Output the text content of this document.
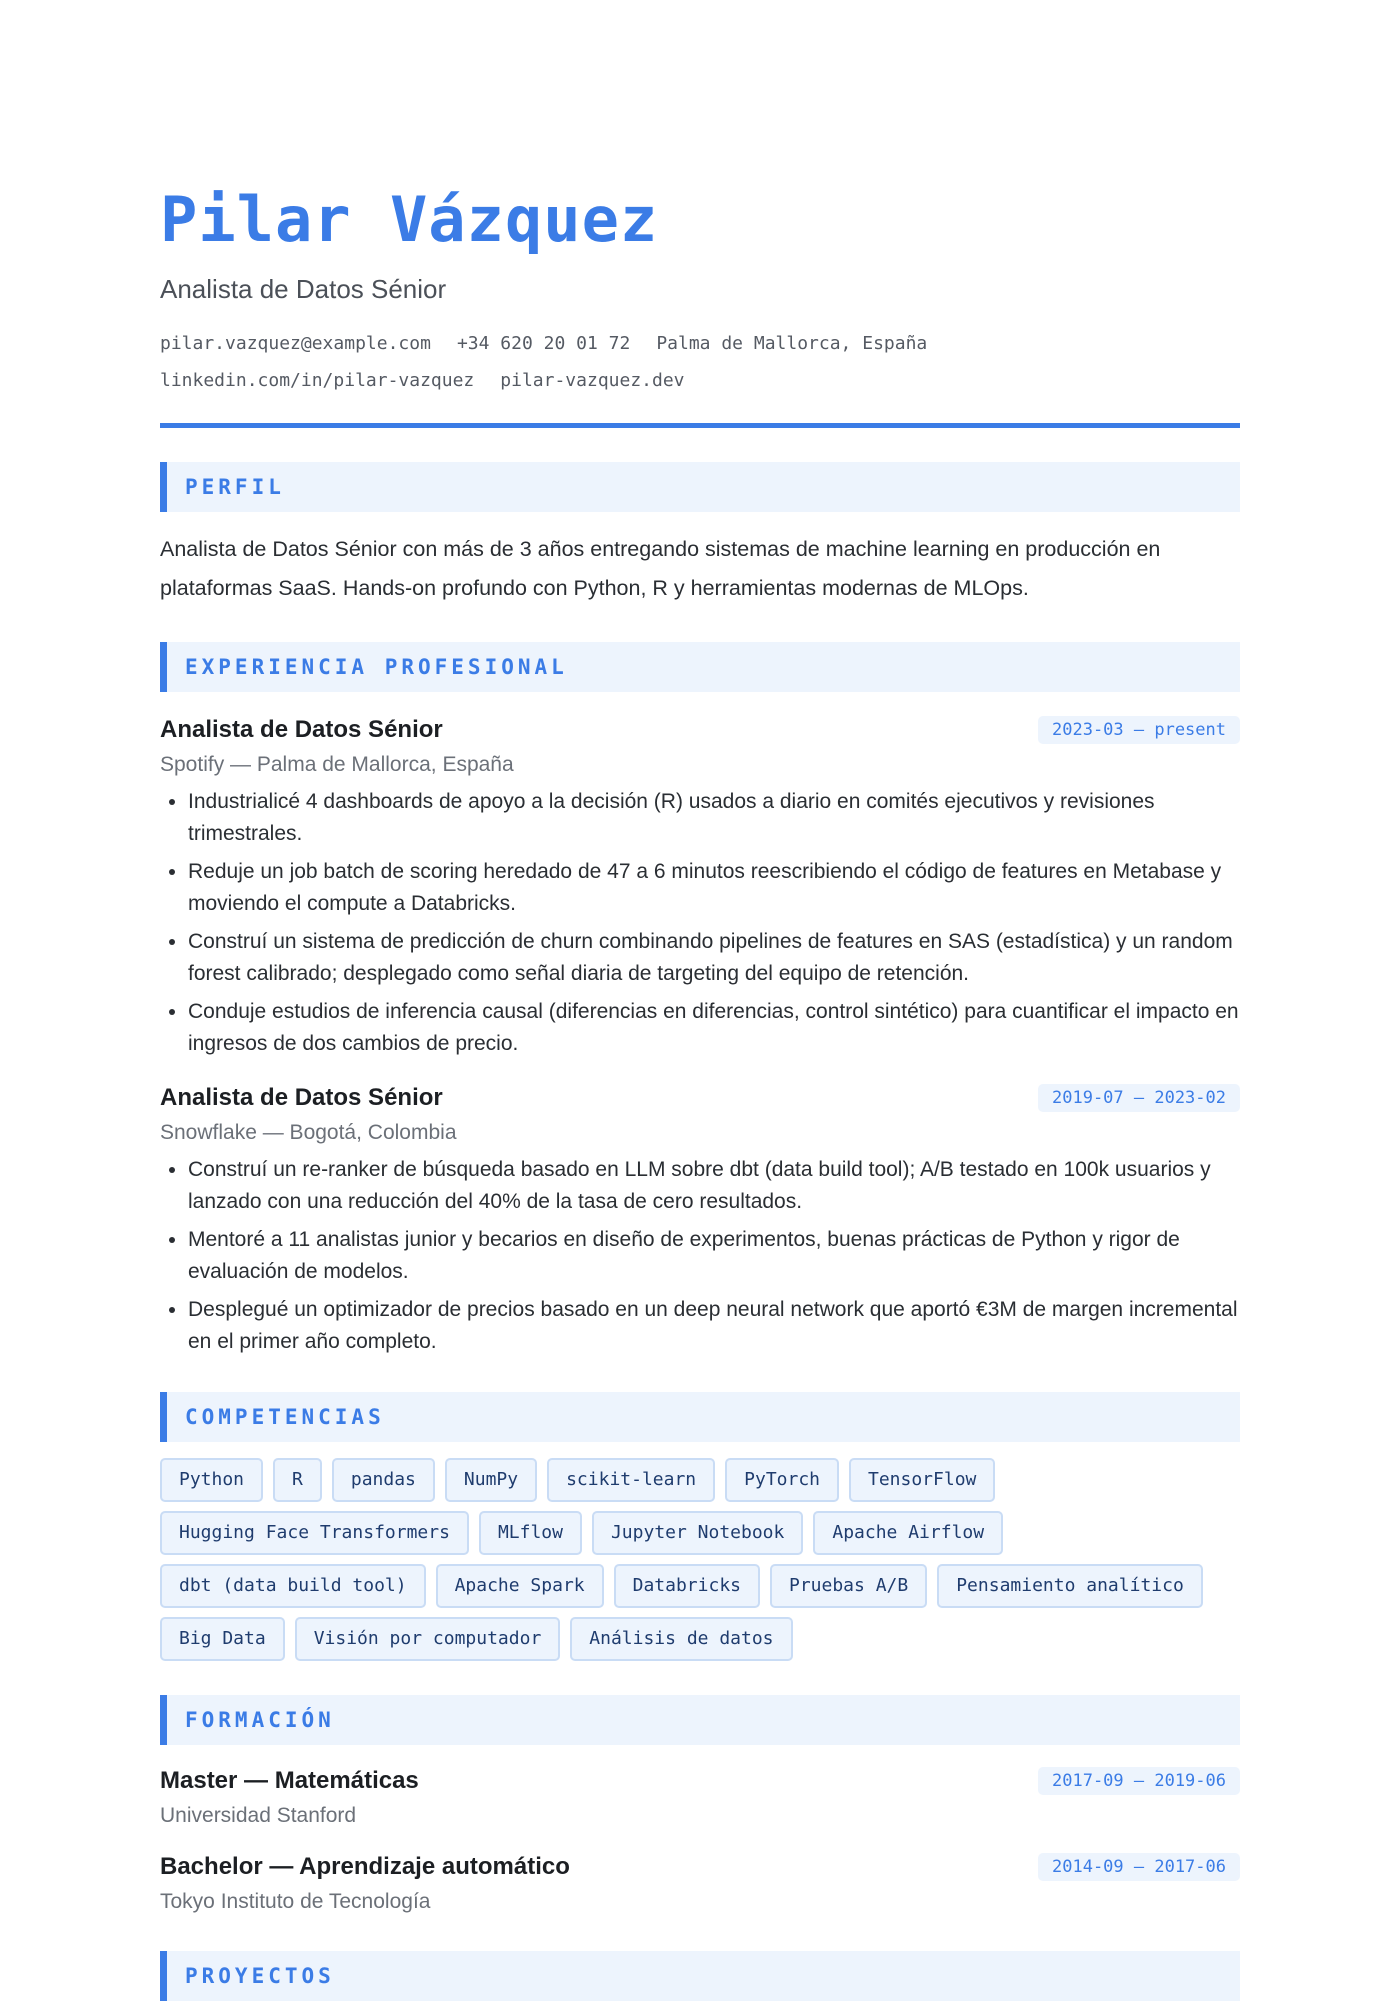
Pilar Vázquez
Analista de Datos Sénior
pilar.vazquez@example.com +34 620 20 01 72 Palma de Mallorca, España
linkedin.com/in/pilar-vazquez pilar-vazquez.dev
PERFIL
Analista de Datos Sénior con más de 3 años entregando sistemas de machine learning en producción en plataformas SaaS. Hands-on profundo con Python, R y herramientas modernas de MLOps.
EXPERIENCIA PROFESIONAL
Analista de Datos Sénior	2023-03 – present
Spotify — Palma de Mallorca, España
• Industrialicé 4 dashboards de apoyo a la decisión (R) usados a diario en comités ejecutivos y revisiones trimestrales.
• Reduje un job batch de scoring heredado de 47 a 6 minutos reescribiendo el código de features en Metabase y moviendo el compute a Databricks.
• Construí un sistema de predicción de churn combinando pipelines de features en SAS (estadística) y un random forest calibrado; desplegado como señal diaria de targeting del equipo de retención.
• Conduje estudios de inferencia causal (diferencias en diferencias, control sintético) para cuantificar el impacto en ingresos de dos cambios de precio.
Analista de Datos Sénior	2019-07 – 2023-02
Snowflake — Bogotá, Colombia
• Construí un re-ranker de búsqueda basado en LLM sobre dbt (data build tool); A/B testado en 100k usuarios y lanzado con una reducción del 40% de la tasa de cero resultados.
• Mentoré a 11 analistas junior y becarios en diseño de experimentos, buenas prácticas de Python y rigor de evaluación de modelos.
• Desplegué un optimizador de precios basado en un deep neural network que aportó €3M de margen incremental en el primer año completo.
COMPETENCIAS
Python	R	pandas	NumPy	scikit-learn	PyTorch	TensorFlow
Hugging Face Transformers	MLflow	Jupyter Notebook	Apache Airflow
dbt (data build tool)	Apache Spark	Databricks	Pruebas A/B	Pensamiento analítico
Big Data	Visión por computador	Análisis de datos
FORMACIÓN
Master — Matemáticas	2017-09 – 2019-06
Universidad Stanford
Bachelor — Aprendizaje automático	2014-09 – 2017-06
Tokyo Instituto de Tecnología
PROYECTOS
